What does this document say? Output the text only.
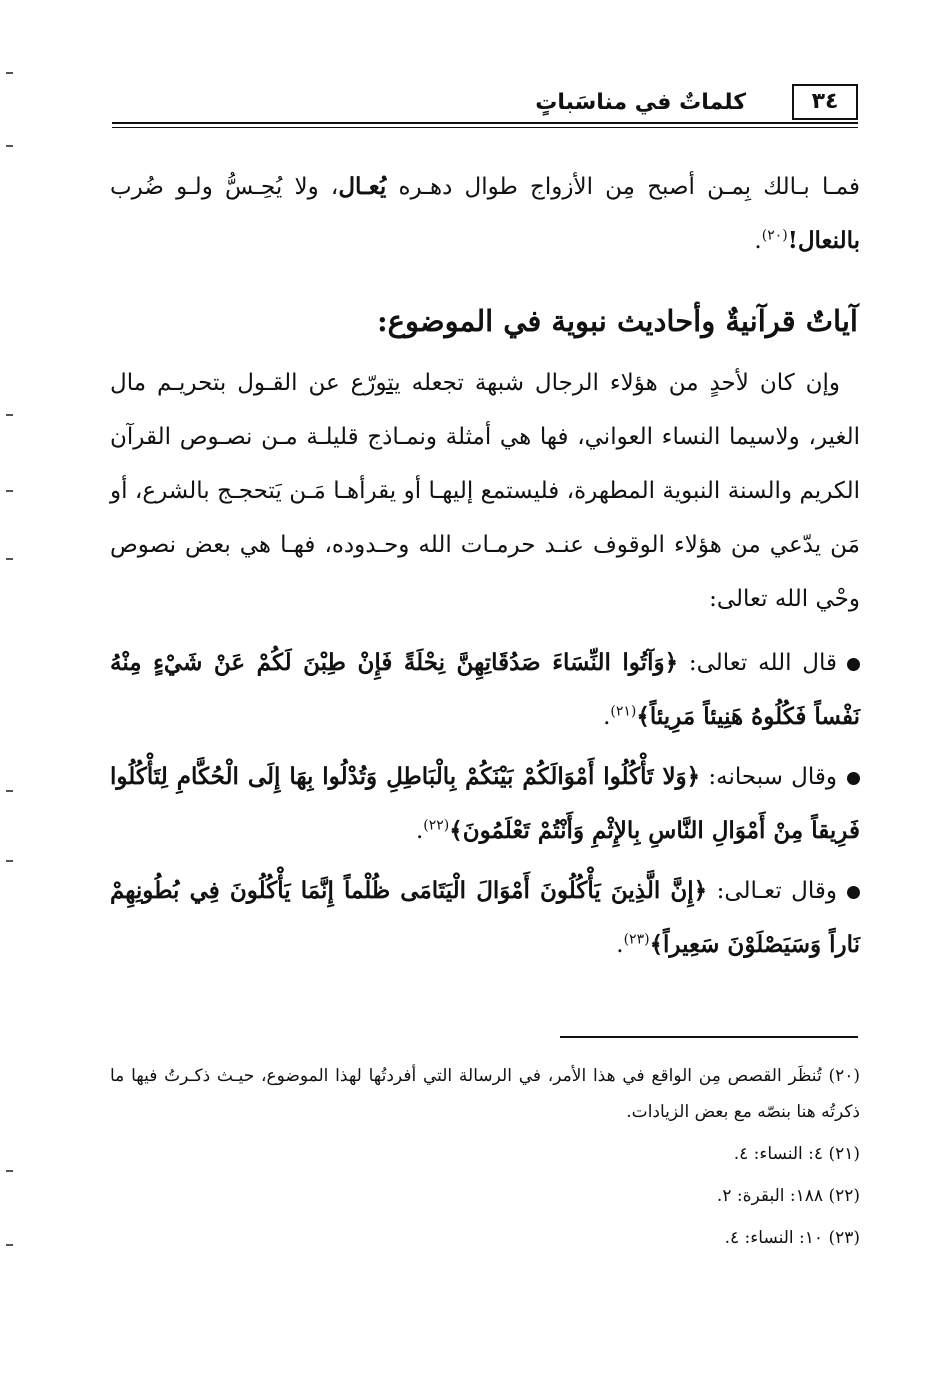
٣٤
كلماتٌ في مناسَباتٍ
فمـا بـالك بِمـن أصبح مِن الأزواج طوال دهـره يُعـال، ولا يُحِـسُّ ولـو ضُرب بالنعال!$^{(٢٠)}$.
آياتٌ قرآنيةٌ وأحاديث نبوية في الموضوع:
وإن كان لأحدٍ من هؤلاء الرجال شبهة تجعله يتورّع عن القـول بتحريـم مال الغير، ولاسيما النساء العواني، فها هي أمثلة ونمـاذج قليلـة مـن نصـوص القرآن الكريم والسنة النبوية المطهرة، فليستمع إليهـا أو يقرأهـا مَـن يَتحجـج بالشرع، أو مَن يدّعي من هؤلاء الوقوف عنـد حرمـات الله وحـدوده، فهـا هي بعض نصوص وحْي الله تعالى:
قال الله تعالى: ﴿وَآتُوا النِّسَاءَ صَدُقَاتِهِنَّ نِحْلَةً فَإِنْ طِبْنَ لَكُمْ عَنْ شَيْءٍ مِنْهُ نَفْساً فَكُلُوهُ هَنِيئاً مَرِيئاً﴾$^{(٢١)}$.
وقال سبحانه: ﴿وَلا تَأْكُلُوا أَمْوَالَكُمْ بَيْنَكُمْ بِالْبَاطِلِ وَتُدْلُوا بِهَا إِلَى الْحُكَّامِ لِتَأْكُلُوا فَرِيقاً مِنْ أَمْوَالِ النَّاسِ بِالإِثْمِ وَأَنْتُمْ تَعْلَمُونَ﴾$^{(٢٢)}$.
وقال تعـالى: ﴿إِنَّ الَّذِينَ يَأْكُلُونَ أَمْوَالَ الْيَتَامَى ظُلْماً إِنَّمَا يَأْكُلُونَ فِي بُطُونِهِمْ نَاراً وَسَيَصْلَوْنَ سَعِيراً﴾$^{(٢٣)}$.
(٢٠) تُنظَر القصص مِن الواقع في هذا الأمر، في الرسالة التي أفردتُها لهذا الموضوع، حيـث ذكـرتُ فيها ما ذكرتُه هنا بنصّه مع بعض الزيادات.
(٢١) ٤: النساء: ٤.
(٢٢) ١٨٨: البقرة: ٢.
(٢٣) ١٠: النساء: ٤.
